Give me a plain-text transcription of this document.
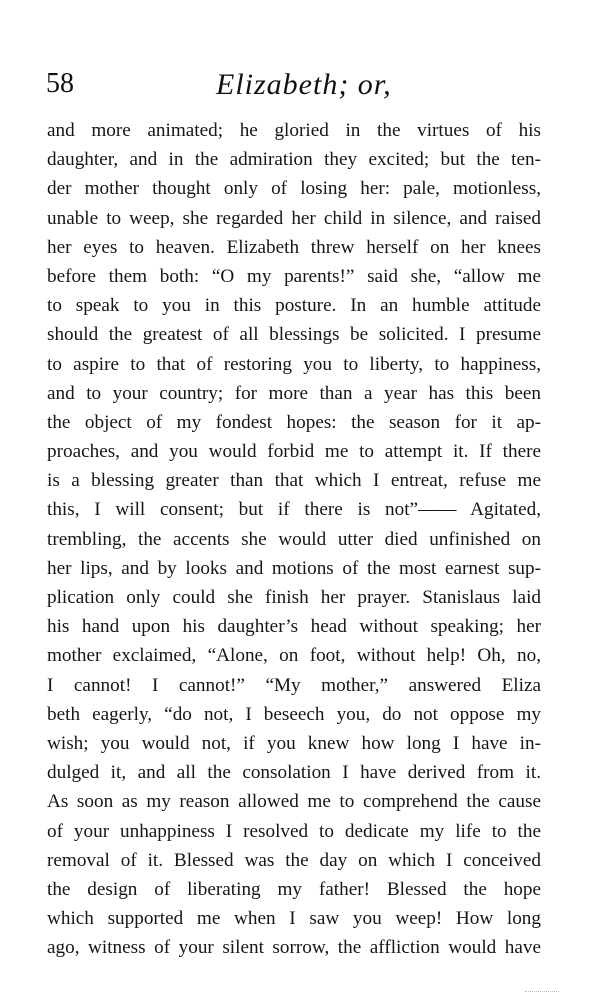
58	Elizabeth; or,
and more animated; he gloried in the virtues of his
daughter, and in the admiration they excited; but the ten-
der mother thought only of losing her: pale, motionless,
unable to weep, she regarded her child in silence, and raised
her eyes to heaven. Elizabeth threw herself on her knees
before them both: “O my parents!” said she, “allow me
to speak to you in this posture. In an humble attitude
should the greatest of all blessings be solicited. I presume
to aspire to that of restoring you to liberty, to happiness,
and to your country; for more than a year has this been
the object of my fondest hopes: the season for it ap-
proaches, and you would forbid me to attempt it. If there
is a blessing greater than that which I entreat, refuse me
this, I will consent; but if there is not”—— Agitated,
trembling, the accents she would utter died unfinished on
her lips, and by looks and motions of the most earnest sup-
plication only could she finish her prayer. Stanislaus laid
his hand upon his daughter’s head without speaking; her
mother exclaimed, “Alone, on foot, without help! Oh, no,
I cannot! I cannot!” “My mother,” answered Eliza
beth eagerly, “do not, I beseech you, do not oppose my
wish; you would not, if you knew how long I have in-
dulged it, and all the consolation I have derived from it.
As soon as my reason allowed me to comprehend the cause
of your unhappiness I resolved to dedicate my life to the
removal of it. Blessed was the day on which I conceived
the design of liberating my father! Blessed the hope
which supported me when I saw you weep! How long
ago, witness of your silent sorrow, the affliction would have
